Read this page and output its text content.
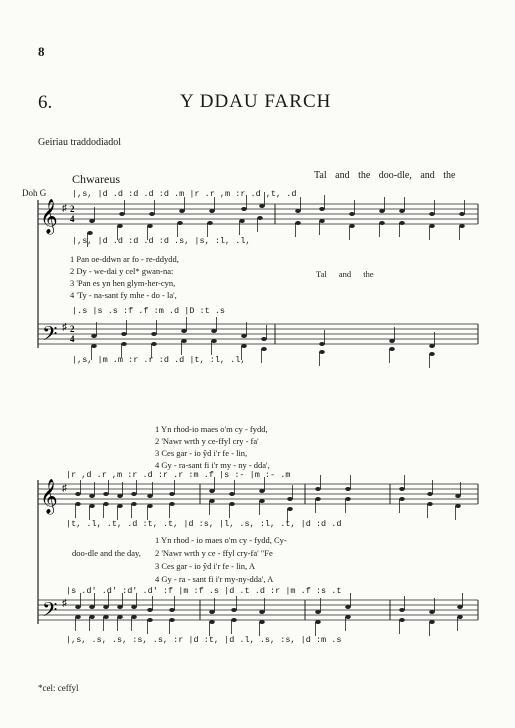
8
6.	Y DDAU FARCH
Geiriau traddodiadol
Chwareus	Tal and the doo-dle, and the
Doh G	|,s, |d .d :d .d :d .m |r .r ,m :r .d ,t, .d
|,s, |d .d :d .d :d .s, |s, :l, .l,
1 Pan oe-ddwn ar fo - re-ddydd,
2 Dy - we-dai y cel* gwan-na:
3 'Pan es yn hen glym-her-cyn,
4 'Ty - na-sant fy mhe - do - la',
Tal and the
|.s |s .s :f .f :m .d |D :t .s
|,s, |m .m :r .r :d .d |t, :l, .l,
1 Yn rhod-io maes o'm cy - fydd,
2 'Nawr wrth y ce-ffyl cry - fa'
3 Ces gar - io ŷd i'r fe - lin,
4 Gy - ra-sant fi i'r my - ny - dda',
|r ,d .r ,m :r .d :r .r :m .f |s :- |m :- .m
|t, .l, .t, .d :t, .t, |d :s, |l, .s, :l, .t, |d :d .d
1 Yn rhod - io maes o'm cy - fydd, Cy-
doo-dle and the day, 2 'Nawr wrth y ce - ffyl cry-fa' "Fe
3 Ces gar - io ŷd i'r fe - lin, A
4 Gy - ra - sant fi i'r my-ny-dda', A
|s .d' .d' :d' .d' :f |m :f .s |d .t .d :r |m .f :s .t
|,s, .s, .s, :s, .s, :r |d :t, |d .l, .s, :s, |d :m .s
*cel: ceffyl
𝄞
𝄢
♯
♯
2
4
2
4
𝄞
𝄢
♯
♯
